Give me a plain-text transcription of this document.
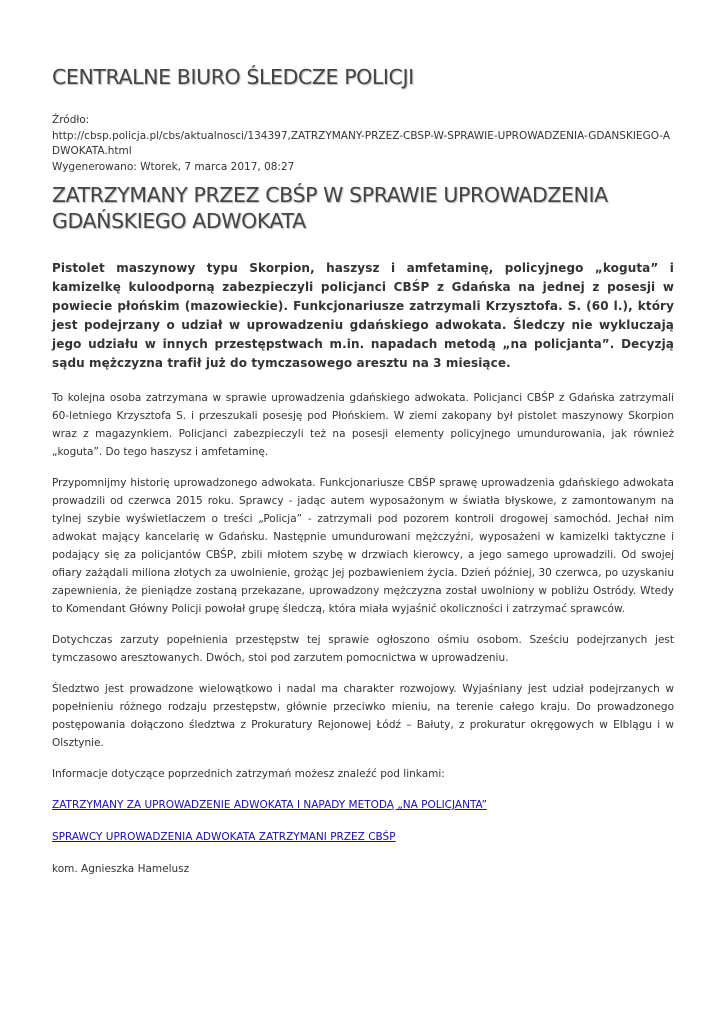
CENTRALNE BIURO ŚLEDCZE POLICJI
Źródło:
http://cbsp.policja.pl/cbs/aktualnosci/134397,ZATRZYMANY-PRZEZ-CBSP-W-SPRAWIE-UPROWADZENIA-GDANSKIEGO-ADWOKATA.html
Wygenerowano: Wtorek, 7 marca 2017, 08:27
ZATRZYMANY PRZEZ CBŚP W SPRAWIE UPROWADZENIA GDAŃSKIEGO ADWOKATA

Pistolet maszynowy typu Skorpion, haszysz i amfetaminę, policyjnego „koguta” i kamizelkę kuloodporną zabezpieczyli policjanci CBŚP z Gdańska na jednej z posesji w powiecie płońskim (mazowieckie). Funkcjonariusze zatrzymali Krzysztofa. S. (60 l.), który jest podejrzany o udział w uprowadzeniu gdańskiego adwokata. Śledczy nie wykluczają jego udziału w innych przestępstwach m.in. napadach metodą „na policjanta”. Decyzją sądu mężczyzna trafił już do tymczasowego aresztu na 3 miesiące.

To kolejna osoba zatrzymana w sprawie uprowadzenia gdańskiego adwokata. Policjanci CBŚP z Gdańska zatrzymali 60-letniego Krzysztofa S. i przeszukali posesję pod Płońskiem. W ziemi zakopany był pistolet maszynowy Skorpion wraz z magazynkiem. Policjanci zabezpieczyli też na posesji elementy policyjnego umundurowania, jak również „koguta”. Do tego haszysz i amfetaminę.

Przypomnijmy historię uprowadzonego adwokata. Funkcjonariusze CBŚP sprawę uprowadzenia gdańskiego adwokata prowadzili od czerwca 2015 roku. Sprawcy - jadąc autem wyposażonym w światła błyskowe, z zamontowanym na tylnej szybie wyświetlaczem o treści „Policja” - zatrzymali pod pozorem kontroli drogowej samochód. Jechał nim adwokat mający kancelarię w Gdańsku. Następnie umundurowani mężczyźni, wyposażeni w kamizelki taktyczne i podający się za policjantów CBŚP, zbili młotem szybę w drzwiach kierowcy, a jego samego uprowadzili. Od swojej ofiary zażądali miliona złotych za uwolnienie, grożąc jej pozbawieniem życia. Dzień później, 30 czerwca, po uzyskaniu zapewnienia, że pieniądze zostaną przekazane, uprowadzony mężczyzna został uwolniony w pobliżu Ostródy. Wtedy to Komendant Główny Policji powołał grupę śledczą, która miała wyjaśnić okoliczności i zatrzymać sprawców.

Dotychczas zarzuty popełnienia przestępstw tej sprawie ogłoszono ośmiu osobom. Sześciu podejrzanych jest tymczasowo aresztowanych. Dwóch, stoi pod zarzutem pomocnictwa w uprowadzeniu.

Śledztwo jest prowadzone wielowątkowo i nadal ma charakter rozwojowy. Wyjaśniany jest udział podejrzanych w popełnieniu różnego rodzaju przestępstw, głównie przeciwko mieniu, na terenie całego kraju. Do prowadzonego postępowania dołączono śledztwa z Prokuratury Rejonowej Łódź – Bałuty, z prokuratur okręgowych w Elblągu i w Olsztynie.

Informacje dotyczące poprzednich zatrzymań możesz znaleźć pod linkami:

ZATRZYMANY ZA UPROWADZENIE ADWOKATA I NAPADY METODĄ „NA POLICJANTA”

SPRAWCY UPROWADZENIA ADWOKATA ZATRZYMANI PRZEZ CBŚP

kom. Agnieszka Hamelusz
